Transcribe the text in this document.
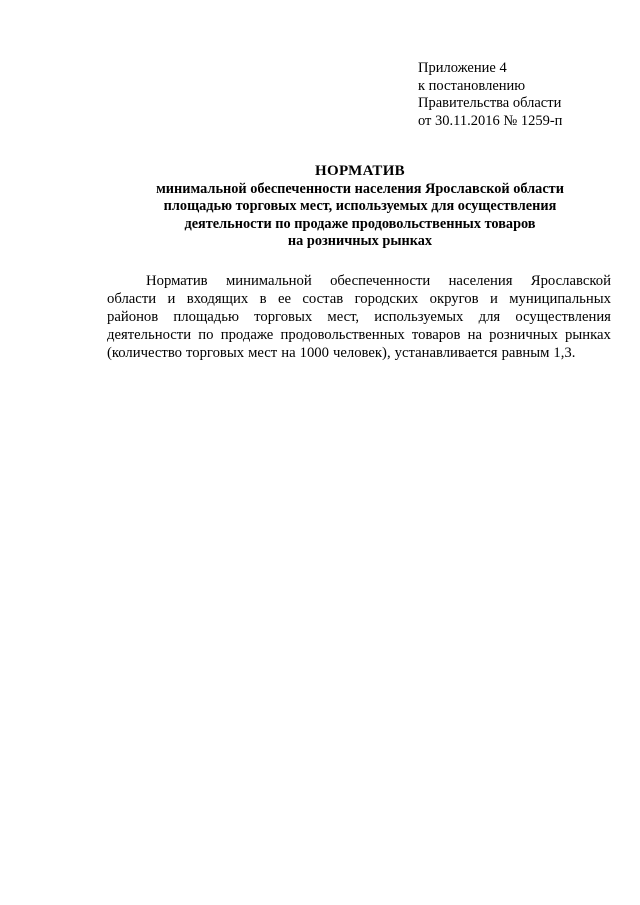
Приложение 4
к постановлению
Правительства области
от 30.11.2016 № 1259-п
НОРМАТИВ
минимальной обеспеченности населения Ярославской области
площадью торговых мест, используемых для осуществления
деятельности по продаже продовольственных товаров
на розничных рынках
Норматив минимальной обеспеченности населения Ярославской
области и входящих в ее состав городских округов и муниципальных
районов площадью торговых мест, используемых для осуществления
деятельности по продаже продовольственных товаров на розничных рынках
(количество торговых мест на 1000 человек), устанавливается равным 1,3.
